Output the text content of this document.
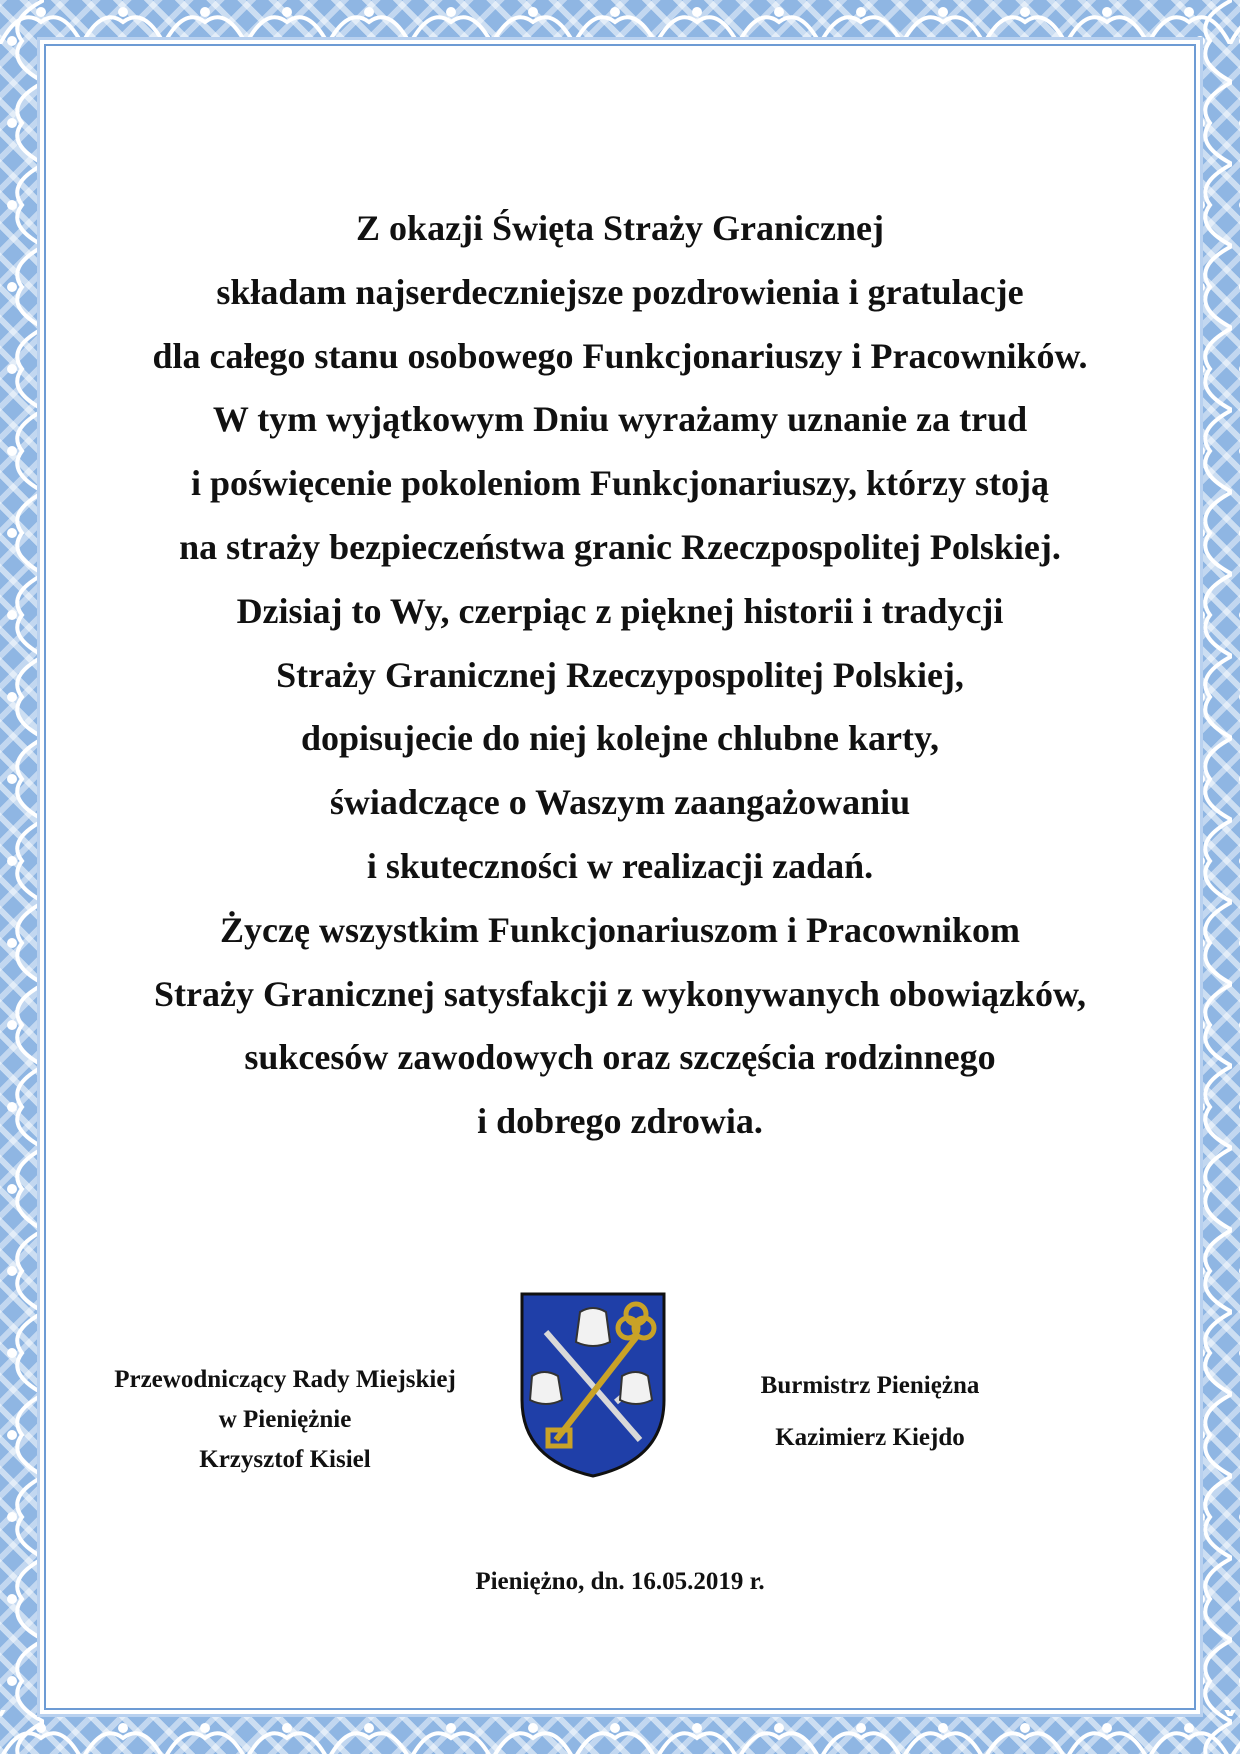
Z okazji Święta Straży Granicznej
składam najserdeczniejsze pozdrowienia i gratulacje
dla całego stanu osobowego Funkcjonariuszy i Pracowników.
W tym wyjątkowym Dniu wyrażamy uznanie za trud
i poświęcenie pokoleniom Funkcjonariuszy, którzy stoją
na straży bezpieczeństwa granic Rzeczpospolitej Polskiej.
Dzisiaj to Wy, czerpiąc z pięknej historii i tradycji
Straży Granicznej Rzeczypospolitej Polskiej,
dopisujecie do niej kolejne chlubne karty,
świadczące o Waszym zaangażowaniu
i skuteczności w realizacji zadań.
Życzę wszystkim Funkcjonariuszom i Pracownikom
Straży Granicznej satysfakcji z wykonywanych obowiązków,
sukcesów zawodowych oraz szczęścia rodzinnego
i dobrego zdrowia.
Przewodniczący Rady Miejskiej
w Pieniężnie
Krzysztof Kisiel
Burmistrz Pieniężna
Kazimierz Kiejdo
Pieniężno, dn. 16.05.2019 r.
